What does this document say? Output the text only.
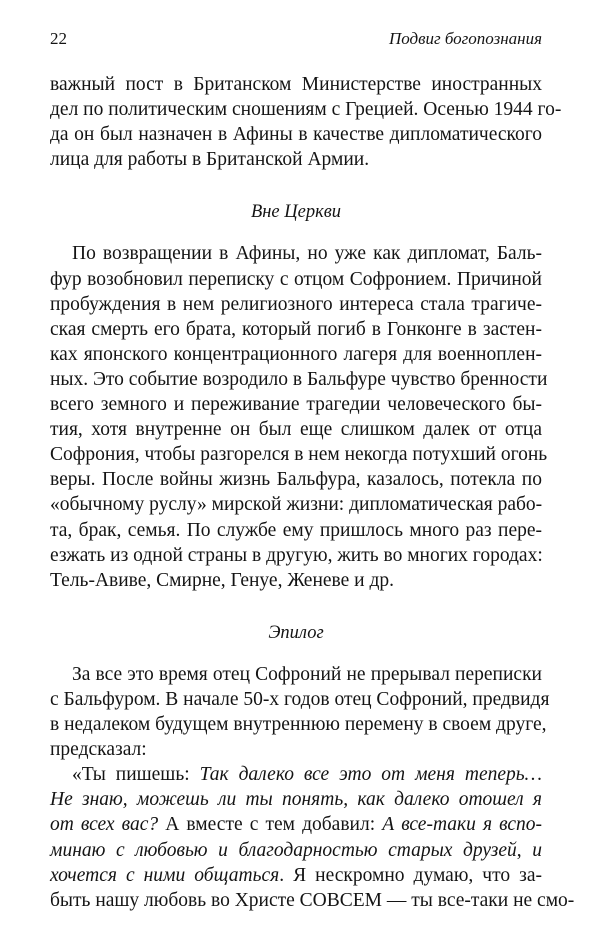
22	Подвиг богопознания
важный пост в Британском Министерстве иностранных
дел по политическим сношениям с Грецией. Осенью 1944 го-
да он был назначен в Афины в качестве дипломатического
лица для работы в Британской Армии.
Вне Церкви
По возвращении в Афины, но уже как дипломат, Баль-
фур возобновил переписку с отцом Софронием. Причиной
пробуждения в нем религиозного интереса стала трагиче-
ская смерть его брата, который погиб в Гонконге в застен-
ках японского концентрационного лагеря для военноплен-
ных. Это событие возродило в Бальфуре чувство бренности
всего земного и переживание трагедии человеческого бы-
тия, хотя внутренне он был еще слишком далек от отца
Софрония, чтобы разгорелся в нем некогда потухший огонь
веры. После войны жизнь Бальфура, казалось, потекла по
«обычному руслу» мирской жизни: дипломатическая рабо-
та, брак, семья. По службе ему пришлось много раз пере-
езжать из одной страны в другую, жить во многих городах:
Тель-Авиве, Смирне, Генуе, Женеве и др.
Эпилог
За все это время отец Софроний не прерывал переписки
с Бальфуром. В начале 50-х годов отец Софроний, предвидя
в недалеком будущем внутреннюю перемену в своем друге,
предсказал:
«Ты пишешь: Так далеко все это от меня теперь…
Не знаю, можешь ли ты понять, как далеко отошел я
от всех вас? А вместе с тем добавил: А все-таки я вспо-
минаю с любовью и благодарностью старых друзей, и
хочется с ними общаться. Я нескромно думаю, что за-
быть нашу любовь во Христе СОВСЕМ — ты все-таки не смо-
